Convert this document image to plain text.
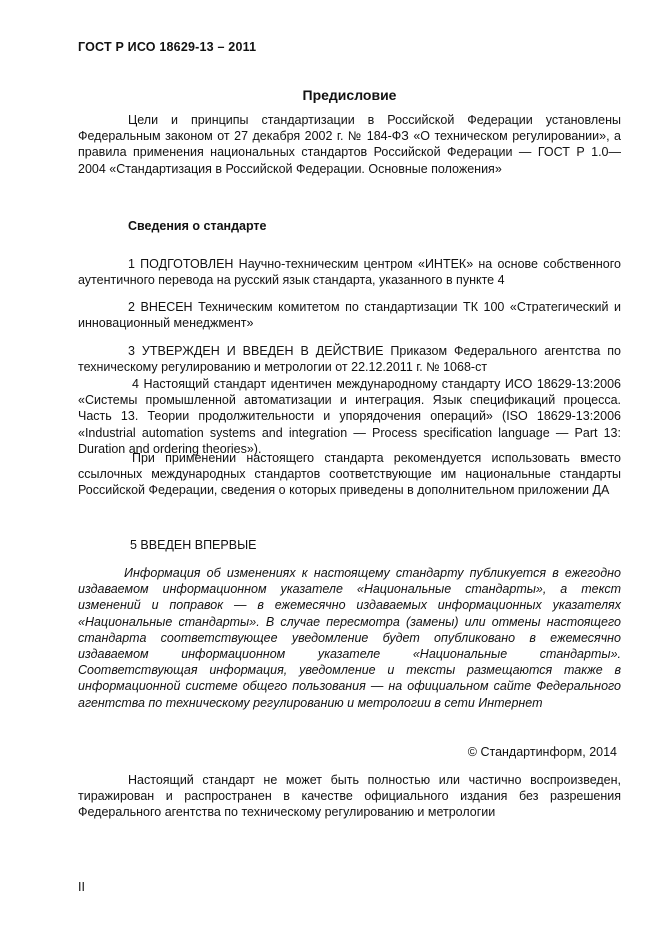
ГОСТ Р ИСО 18629-13 – 2011
Предисловие

Цели и принципы стандартизации в Российской Федерации установлены Федеральным законом от 27 декабря 2002 г. № 184-ФЗ «О техническом регулировании», а правила применения национальных стандартов Российской Федерации — ГОСТ Р 1.0—2004 «Стандартизация в Российской Федерации. Основные положения»

Сведения о стандарте

1 ПОДГОТОВЛЕН Научно-техническим центром «ИНТЕК» на основе собственного аутентичного перевода на русский язык стандарта, указанного в пункте 4

2 ВНЕСЕН Техническим комитетом по стандартизации ТК 100 «Стратегический и инновационный менеджмент»

3 УТВЕРЖДЕН И ВВЕДЕН В ДЕЙСТВИЕ Приказом Федерального агентства по техническому регулированию и метрологии от 22.12.2011 г. № 1068-ст

4 Настоящий стандарт идентичен международному стандарту ИСО 18629-13:2006 «Системы промышленной автоматизации и интеграция. Язык спецификаций процесса. Часть 13. Теории продолжительности и упорядочения операций» (ISO 18629-13:2006 «Industrial automation systems and integration — Process specification language — Part 13: Duration and ordering theories»).

При применении настоящего стандарта рекомендуется использовать вместо ссылочных международных стандартов соответствующие им национальные стандарты Российской Федерации, сведения о которых приведены в дополнительном приложении ДА

5 ВВЕДЕН ВПЕРВЫЕ

Информация об изменениях к настоящему стандарту публикуется в ежегодно издаваемом информационном указателе «Национальные стандарты», а текст изменений и поправок — в ежемесячно издаваемых информационных указателях «Национальные стандарты». В случае пересмотра (замены) или отмены настоящего стандарта соответствующее уведомление будет опубликовано в ежемесячно издаваемом информационном указателе «Национальные стандарты». Соответствующая информация, уведомление и тексты размещаются также в информационной системе общего пользования — на официальном сайте Федерального агентства по техническому регулированию и метрологии в сети Интернет

© Стандартинформ, 2014

Настоящий стандарт не может быть полностью или частично воспроизведен, тиражирован и распространен в качестве официального издания без разрешения Федерального агентства по техническому регулированию и метрологии

II
